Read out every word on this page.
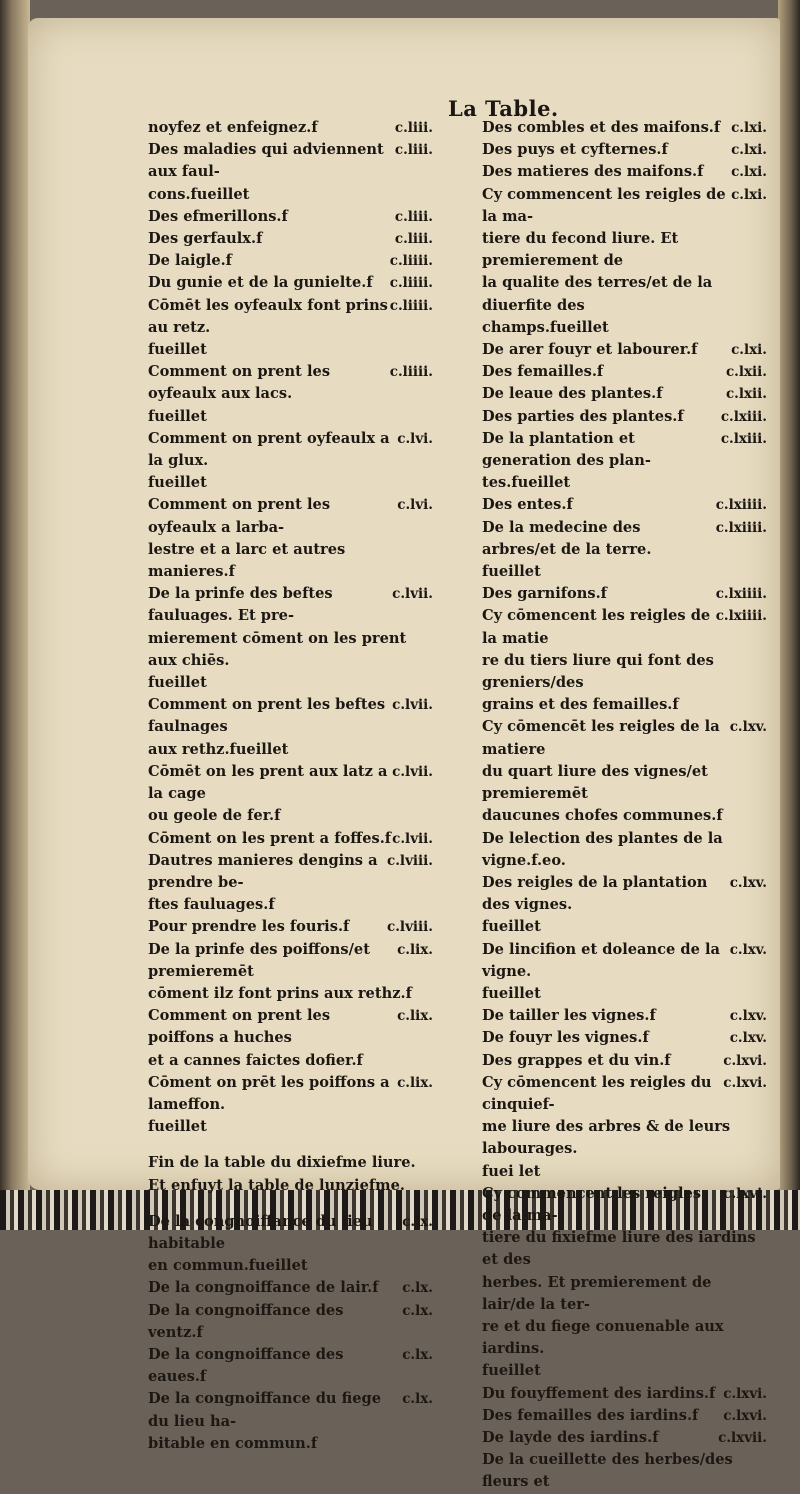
La Table.
c.liii.
noyfez et enfeignez.f
c.liii.
Des maladies qui adviennent aux faul-
cons.fueillet
c.liii.
Des efmerillons.f
c.liii.
Des gerfaulx.f
c.liiii.
De laigle.f
c.liiii.
Du gunie et de la gunielte.f
c.liiii.
Cōmēt les oyfeaulx font prins au retz.
fueillet
c.liiii.
Comment on prent les oyfeaulx aux lacs.
fueillet
c.lvi.
Comment on prent oyfeaulx a la glux.
fueillet
c.lvi.
Comment on prent les oyfeaulx a larba-
lestre et a larc et autres manieres.f
c.lvii.
De la prinfe des beftes fauluages. Et pre-
mierement cōment on les prent aux chiēs.
fueillet
c.lvii.
Comment on prent les beftes faulnages
aux rethz.fueillet
c.lvii.
Cōmēt on les prent aux latz a la cage
ou geole de fer.f
c.lvii.
Cōment on les prent a foffes.f
c.lviii.
Dautres manieres dengins a prendre be-
ftes fauluages.f
c.lviii.
Pour prendre les fouris.f
c.lix.
De la prinfe des poiffons/et premieremēt
cōment ilz font prins aux rethz.f
c.lix.
Comment on prent les poiffons a huches
et a cannes faictes dofier.f
c.lix.
Cōment on prēt les poiffons a lameffon.
fueillet
Fin de la table du dixiefme liure.
Et enfuyt la table de lunziefme.
c.lx.
De la congnoiffance du lieu habitable
en commun.fueillet
c.lx.
De la congnoiffance de lair.f
c.lx.
De la congnoiffance des ventz.f
c.lx.
De la congnoiffance des eaues.f
c.lx.
De la congnoiffance du fiege du lieu ha-
bitable en commun.f
c.lxi.
Des combles et des maifons.f
c.lxi.
Des puys et cyfternes.f
c.lxi.
Des matieres des maifons.f
c.lxi.
Cy commencent les reigles de la ma-
tiere du fecond liure. Et premierement de
la qualite des terres/et de la diuerfite des
champs.fueillet
c.lxi.
De arer fouyr et labourer.f
c.lxii.
Des femailles.f
c.lxii.
De leaue des plantes.f
c.lxiii.
Des parties des plantes.f
c.lxiii.
De la plantation et generation des plan-
tes.fueillet
c.lxiiii.
Des entes.f
c.lxiiii.
De la medecine des arbres/et de la terre.
fueillet
c.lxiiii.
Des garnifons.f
c.lxiiii.
Cy cōmencent les reigles de la matie
re du tiers liure qui font des greniers/des
grains et des femailles.f
c.lxv.
Cy cōmencēt les reigles de la matiere
du quart liure des vignes/et premieremēt
daucunes chofes communes.f
De lelection des plantes de la vigne.f.eo.
c.lxv.
Des reigles de la plantation des vignes.
fueillet
c.lxv.
De lincifion et doleance de la vigne.
fueillet
c.lxv.
De tailler les vignes.f
c.lxv.
De fouyr les vignes.f
c.lxvi.
Des grappes et du vin.f
c.lxvi.
Cy cōmencent les reigles du cinquief-
me liure des arbres & de leurs labourages.
fuei let
c.lxvi.
Cy commencent les reigles de la ma-
tiere du fixiefme liure des iardins et des
herbes. Et premierement de lair/de la ter-
re et du fiege conuenable aux iardins.
fueillet
c.lxvi.
Du fouyffement des iardins.f
c.lxvi.
Des femailles des iardins.f
c.lxvii.
De layde des iardins.f
De la cueillette des herbes/des fleurs et
